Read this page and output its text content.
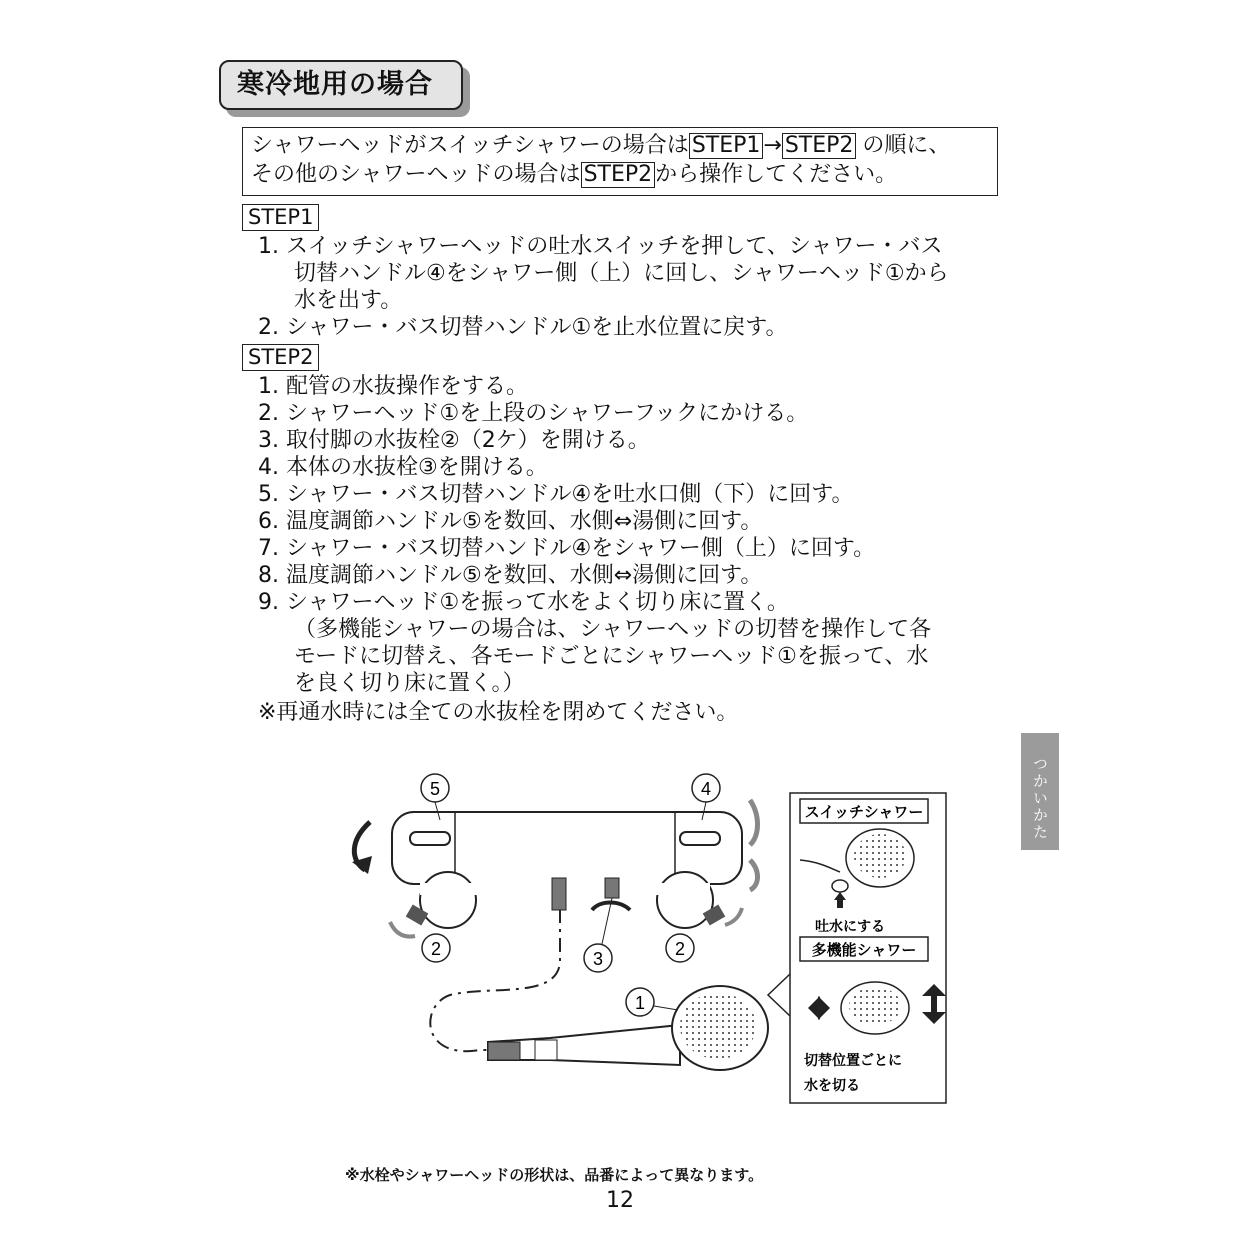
寒冷地用の場合
シャワーヘッドがスイッチシャワーの場合は STEP1 → STEP2 の順に、
その他のシャワーヘッドの場合は STEP2 から操作してください。
STEP1
1. スイッチシャワーヘッドの吐水スイッチを押して、シャワー・バス
切替ハンドル④をシャワー側（上）に回し、シャワーヘッド①から
水を出す。
2. シャワー・バス切替ハンドル①を止水位置に戻す。
STEP2
1. 配管の水抜操作をする。
2. シャワーヘッド①を上段のシャワーフックにかける。
3. 取付脚の水抜栓②（2ケ）を開ける。
4. 本体の水抜栓③を開ける。
5. シャワー・バス切替ハンドル④を吐水口側（下）に回す。
6. 温度調節ハンドル⑤を数回、水側⇔湯側に回す。
7. シャワー・バス切替ハンドル④をシャワー側（上）に回す。
8. 温度調節ハンドル⑤を数回、水側⇔湯側に回す。
9. シャワーヘッド①を振って水をよく切り床に置く。
（多機能シャワーの場合は、シャワーヘッドの切替を操作して各
モードに切替え、各モードごとにシャワーヘッド①を振って、水
を良く切り床に置く。）
※再通水時には全ての水抜栓を閉めてください。
つかいかた
5	4
2	3	2
1
スイッチシャワー
吐水にする
多機能シャワー
切替位置ごとに
水を切る
※水栓やシャワーヘッドの形状は、品番によって異なります。
12
